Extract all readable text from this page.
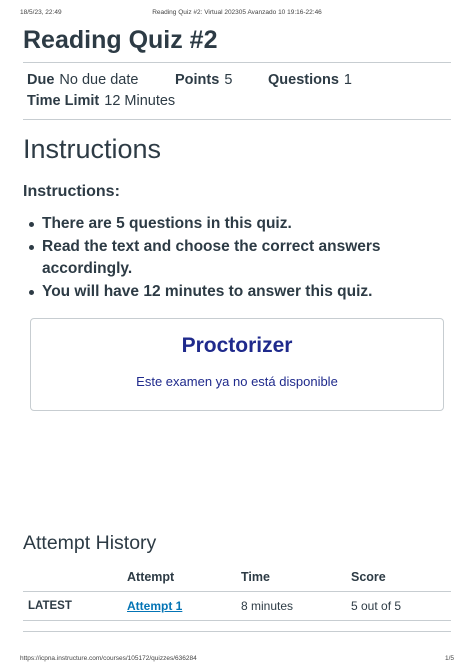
18/5/23, 22:49	Reading Quiz #2: Virtual 202305 Avanzado 10 19:16-22:46
Reading Quiz #2
Due No due date	Points 5 Questions 1
Time Limit 12 Minutes
Instructions

Instructions:

There are 5 questions in this quiz.
Read the text and choose the correct answers accordingly.
You will have 12 minutes to answer this quiz.
Proctorizer
Este examen ya no está disponible
Attempt History
	Attempt	Time	Score
LATEST	Attempt 1	8 minutes	5 out of 5
https://icpna.instructure.com/courses/105172/quizzes/636284	1/5
